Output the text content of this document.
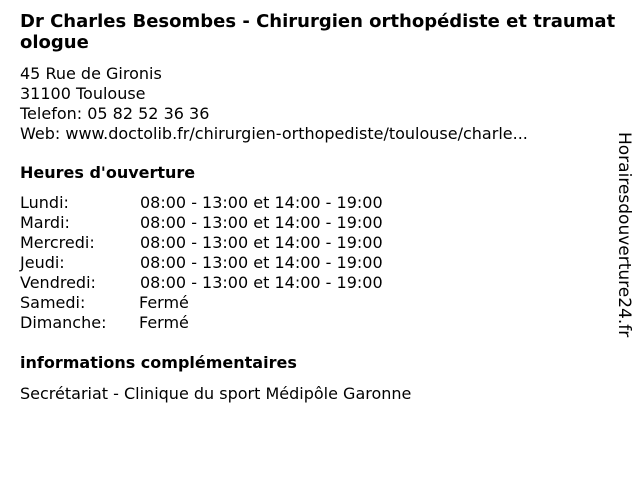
Dr Charles Besombes - Chirurgien orthopédiste et traumatologue
45 Rue de Gironis
31100 Toulouse
Telefon: 05 82 52 36 36
Web: www.doctolib.fr/chirurgien-orthopediste/toulouse/charle...
Heures d'ouverture
Lundi:	08:00 - 13:00 et 14:00 - 19:00
Mardi:	08:00 - 13:00 et 14:00 - 19:00
Mercredi:	08:00 - 13:00 et 14:00 - 19:00
Jeudi:	08:00 - 13:00 et 14:00 - 19:00
Vendredi:	08:00 - 13:00 et 14:00 - 19:00
Samedi:	Fermé
Dimanche: Fermé
informations complémentaires
Secrétariat - Clinique du sport Médipôle Garonne
Horairesdouverture24.fr
